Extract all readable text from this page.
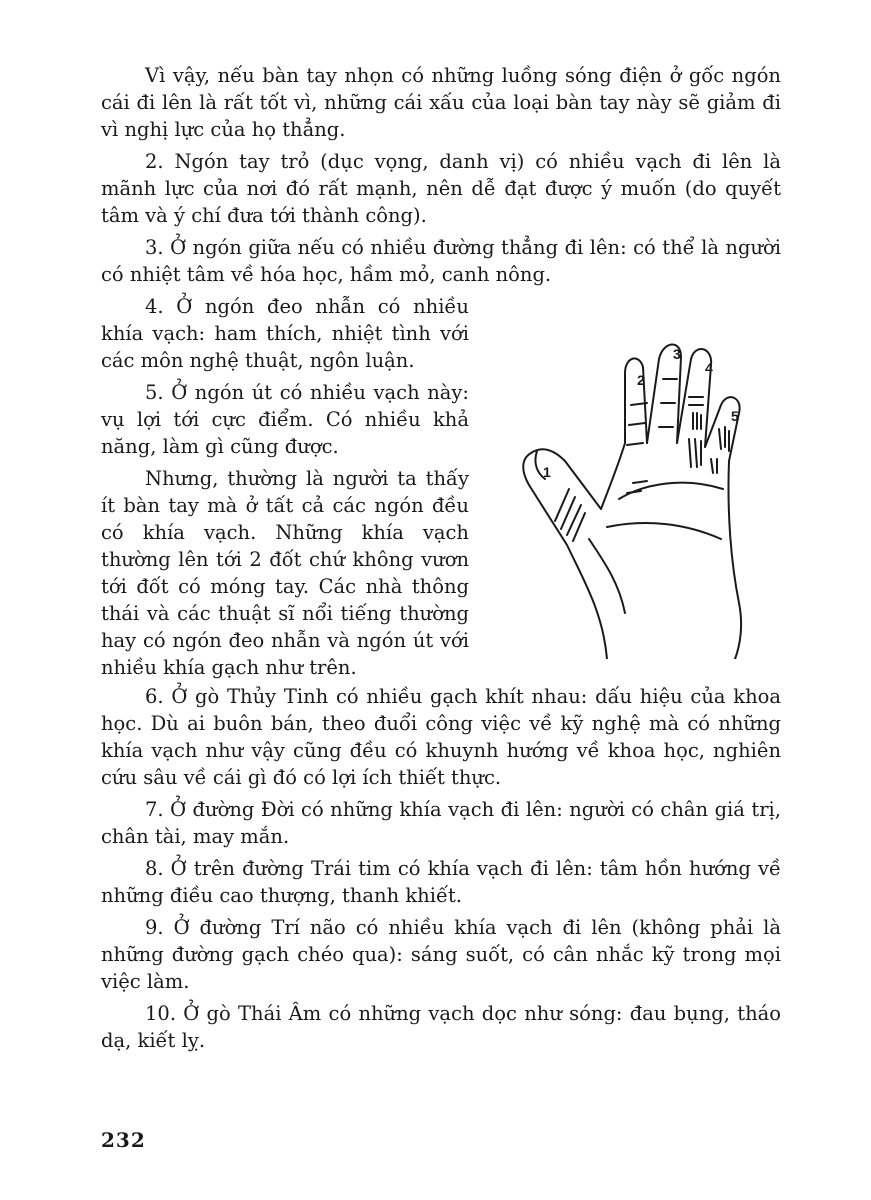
Vì vậy, nếu bàn tay nhọn có những luồng sóng điện ở gốc ngón cái đi lên là rất tốt vì, những cái xấu của loại bàn tay này sẽ giảm đi vì nghị lực của họ thẳng.

2. Ngón tay trỏ (dục vọng, danh vị) có nhiều vạch đi lên là mãnh lực của nơi đó rất mạnh, nên dễ đạt được ý muốn (do quyết tâm và ý chí đưa tới thành công).

3. Ở ngón giữa nếu có nhiều đường thẳng đi lên: có thể là người có nhiệt tâm về hóa học, hầm mỏ, canh nông.

4. Ở ngón đeo nhẫn có nhiều khía vạch: ham thích, nhiệt tình với các môn nghệ thuật, ngôn luận.

5. Ở ngón út có nhiều vạch này: vụ lợi tới cực điểm. Có nhiều khả năng, làm gì cũng được.

Nhưng, thường là người ta thấy ít bàn tay mà ở tất cả các ngón đều có khía vạch. Những khía vạch thường lên tới 2 đốt chứ không vươn tới đốt có móng tay. Các nhà thông thái và các thuật sĩ nổi tiếng thường hay có ngón đeo nhẫn và ngón út với nhiều khía gạch như trên.

1
2
3
4
5

6. Ở gò Thủy Tinh có nhiều gạch khít nhau: dấu hiệu của khoa học. Dù ai buôn bán, theo đuổi công việc về kỹ nghệ mà có những khía vạch như vậy cũng đều có khuynh hướng về khoa học, nghiên cứu sâu về cái gì đó có lợi ích thiết thực.

7. Ở đường Đời có những khía vạch đi lên: người có chân giá trị, chân tài, may mắn.

8. Ở trên đường Trái tim có khía vạch đi lên: tâm hồn hướng về những điều cao thượng, thanh khiết.

9. Ở đường Trí não có nhiều khía vạch đi lên (không phải là những đường gạch chéo qua): sáng suốt, có cân nhắc kỹ trong mọi việc làm.

10. Ở gò Thái Âm có những vạch dọc như sóng: đau bụng, tháo dạ, kiết lỵ.

232
